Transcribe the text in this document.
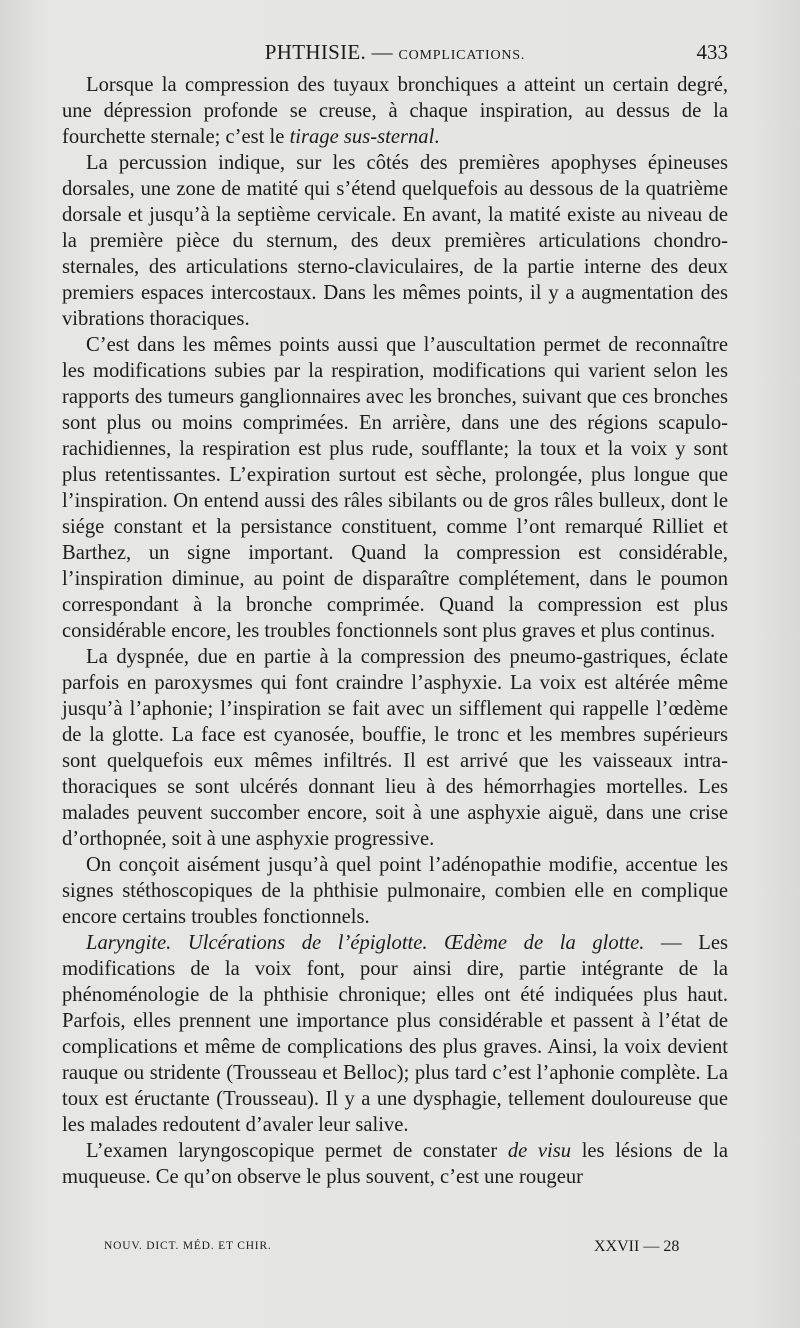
PHTHISIE. — COMPLICATIONS.	433

Lorsque la compression des tuyaux bronchiques a atteint un certain degré, une dépression profonde se creuse, à chaque inspiration, au dessus de la fourchette sternale; c’est le tirage sus-sternal.

La percussion indique, sur les côtés des premières apophyses épineuses dorsales, une zone de matité qui s’étend quelquefois au dessous de la quatrième dorsale et jusqu’à la septième cervicale. En avant, la matité existe au niveau de la première pièce du sternum, des deux premières articulations chondro-sternales, des articulations sterno-claviculaires, de la partie interne des deux premiers espaces intercostaux. Dans les mêmes points, il y a augmentation des vibrations thoraciques.

C’est dans les mêmes points aussi que l’auscultation permet de reconnaître les modifications subies par la respiration, modifications qui varient selon les rapports des tumeurs ganglionnaires avec les bronches, suivant que ces bronches sont plus ou moins comprimées. En arrière, dans une des régions scapulo-rachidiennes, la respiration est plus rude, soufflante; la toux et la voix y sont plus retentissantes. L’expiration surtout est sèche, prolongée, plus longue que l’inspiration. On entend aussi des râles sibilants ou de gros râles bulleux, dont le siége constant et la persistance constituent, comme l’ont remarqué Rilliet et Barthez, un signe important. Quand la compression est considérable, l’inspiration diminue, au point de disparaître complétement, dans le poumon correspondant à la bronche comprimée. Quand la compression est plus considérable encore, les troubles fonctionnels sont plus graves et plus continus.

La dyspnée, due en partie à la compression des pneumo-gastriques, éclate parfois en paroxysmes qui font craindre l’asphyxie. La voix est altérée même jusqu’à l’aphonie; l’inspiration se fait avec un sifflement qui rappelle l’œdème de la glotte. La face est cyanosée, bouffie, le tronc et les membres supérieurs sont quelquefois eux mêmes infiltrés. Il est arrivé que les vaisseaux intra-thoraciques se sont ulcérés donnant lieu à des hémorrhagies mortelles. Les malades peuvent succomber encore, soit à une asphyxie aiguë, dans une crise d’orthopnée, soit à une asphyxie progressive.

On conçoit aisément jusqu’à quel point l’adénopathie modifie, accentue les signes stéthoscopiques de la phthisie pulmonaire, combien elle en complique encore certains troubles fonctionnels.

Laryngite. Ulcérations de l’épiglotte. Œdème de la glotte. — Les modifications de la voix font, pour ainsi dire, partie intégrante de la phénoménologie de la phthisie chronique; elles ont été indiquées plus haut. Parfois, elles prennent une importance plus considérable et passent à l’état de complications et même de complications des plus graves. Ainsi, la voix devient rauque ou stridente (Trousseau et Belloc); plus tard c’est l’aphonie complète. La toux est éructante (Trousseau). Il y a une dysphagie, tellement douloureuse que les malades redoutent d’avaler leur salive.

L’examen laryngoscopique permet de constater de visu les lésions de la muqueuse. Ce qu’on observe le plus souvent, c’est une rougeur

NOUV. DICT. MÉD. ET CHIR.	XXVII — 28
